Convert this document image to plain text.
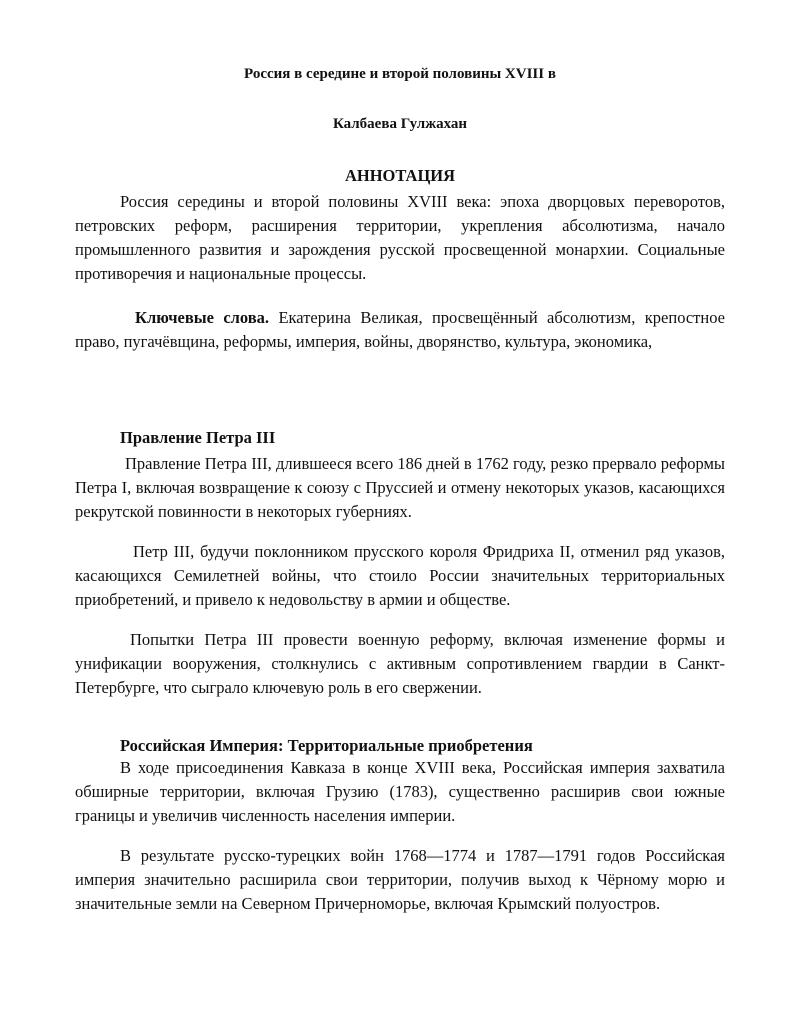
Россия в середине и второй половины XVIII в
Калбаева Гулжахан
АННОТАЦИЯ

Россия середины и второй половины XVIII века: эпоха дворцовых переворотов, петровских реформ, расширения территории, укрепления абсолютизма, начало промышленного развития и зарождения русской просвещенной монархии. Социальные противоречия и национальные процессы.

Ключевые слова. Екатерина Великая, просвещённый абсолютизм, крепостное право, пугачёвщина, реформы, империя, войны, дворянство, культура, экономика,

Правление Петра III

Правление Петра III, длившееся всего 186 дней в 1762 году, резко прервало реформы Петра I, включая возвращение к союзу с Пруссией и отмену некоторых указов, касающихся рекрутской повинности в некоторых губерниях.

Петр III, будучи поклонником прусского короля Фридриха II, отменил ряд указов, касающихся Семилетней войны, что стоило России значительных территориальных приобретений, и привело к недовольству в армии и обществе.

Попытки Петра III провести военную реформу, включая изменение формы и унификации вооружения, столкнулись с активным сопротивлением гвардии в Санкт-Петербурге, что сыграло ключевую роль в его свержении.

Российская Империя: Территориальные приобретения

В ходе присоединения Кавказа в конце XVIII века, Российская империя захватила обширные территории, включая Грузию (1783), существенно расширив свои южные границы и увеличив численность населения империи.

В результате русско-турецких войн 1768—1774 и 1787—1791 годов Российская империя значительно расширила свои территории, получив выход к Чёрному морю и значительные земли на Северном Причерноморье, включая Крымский полуостров.
